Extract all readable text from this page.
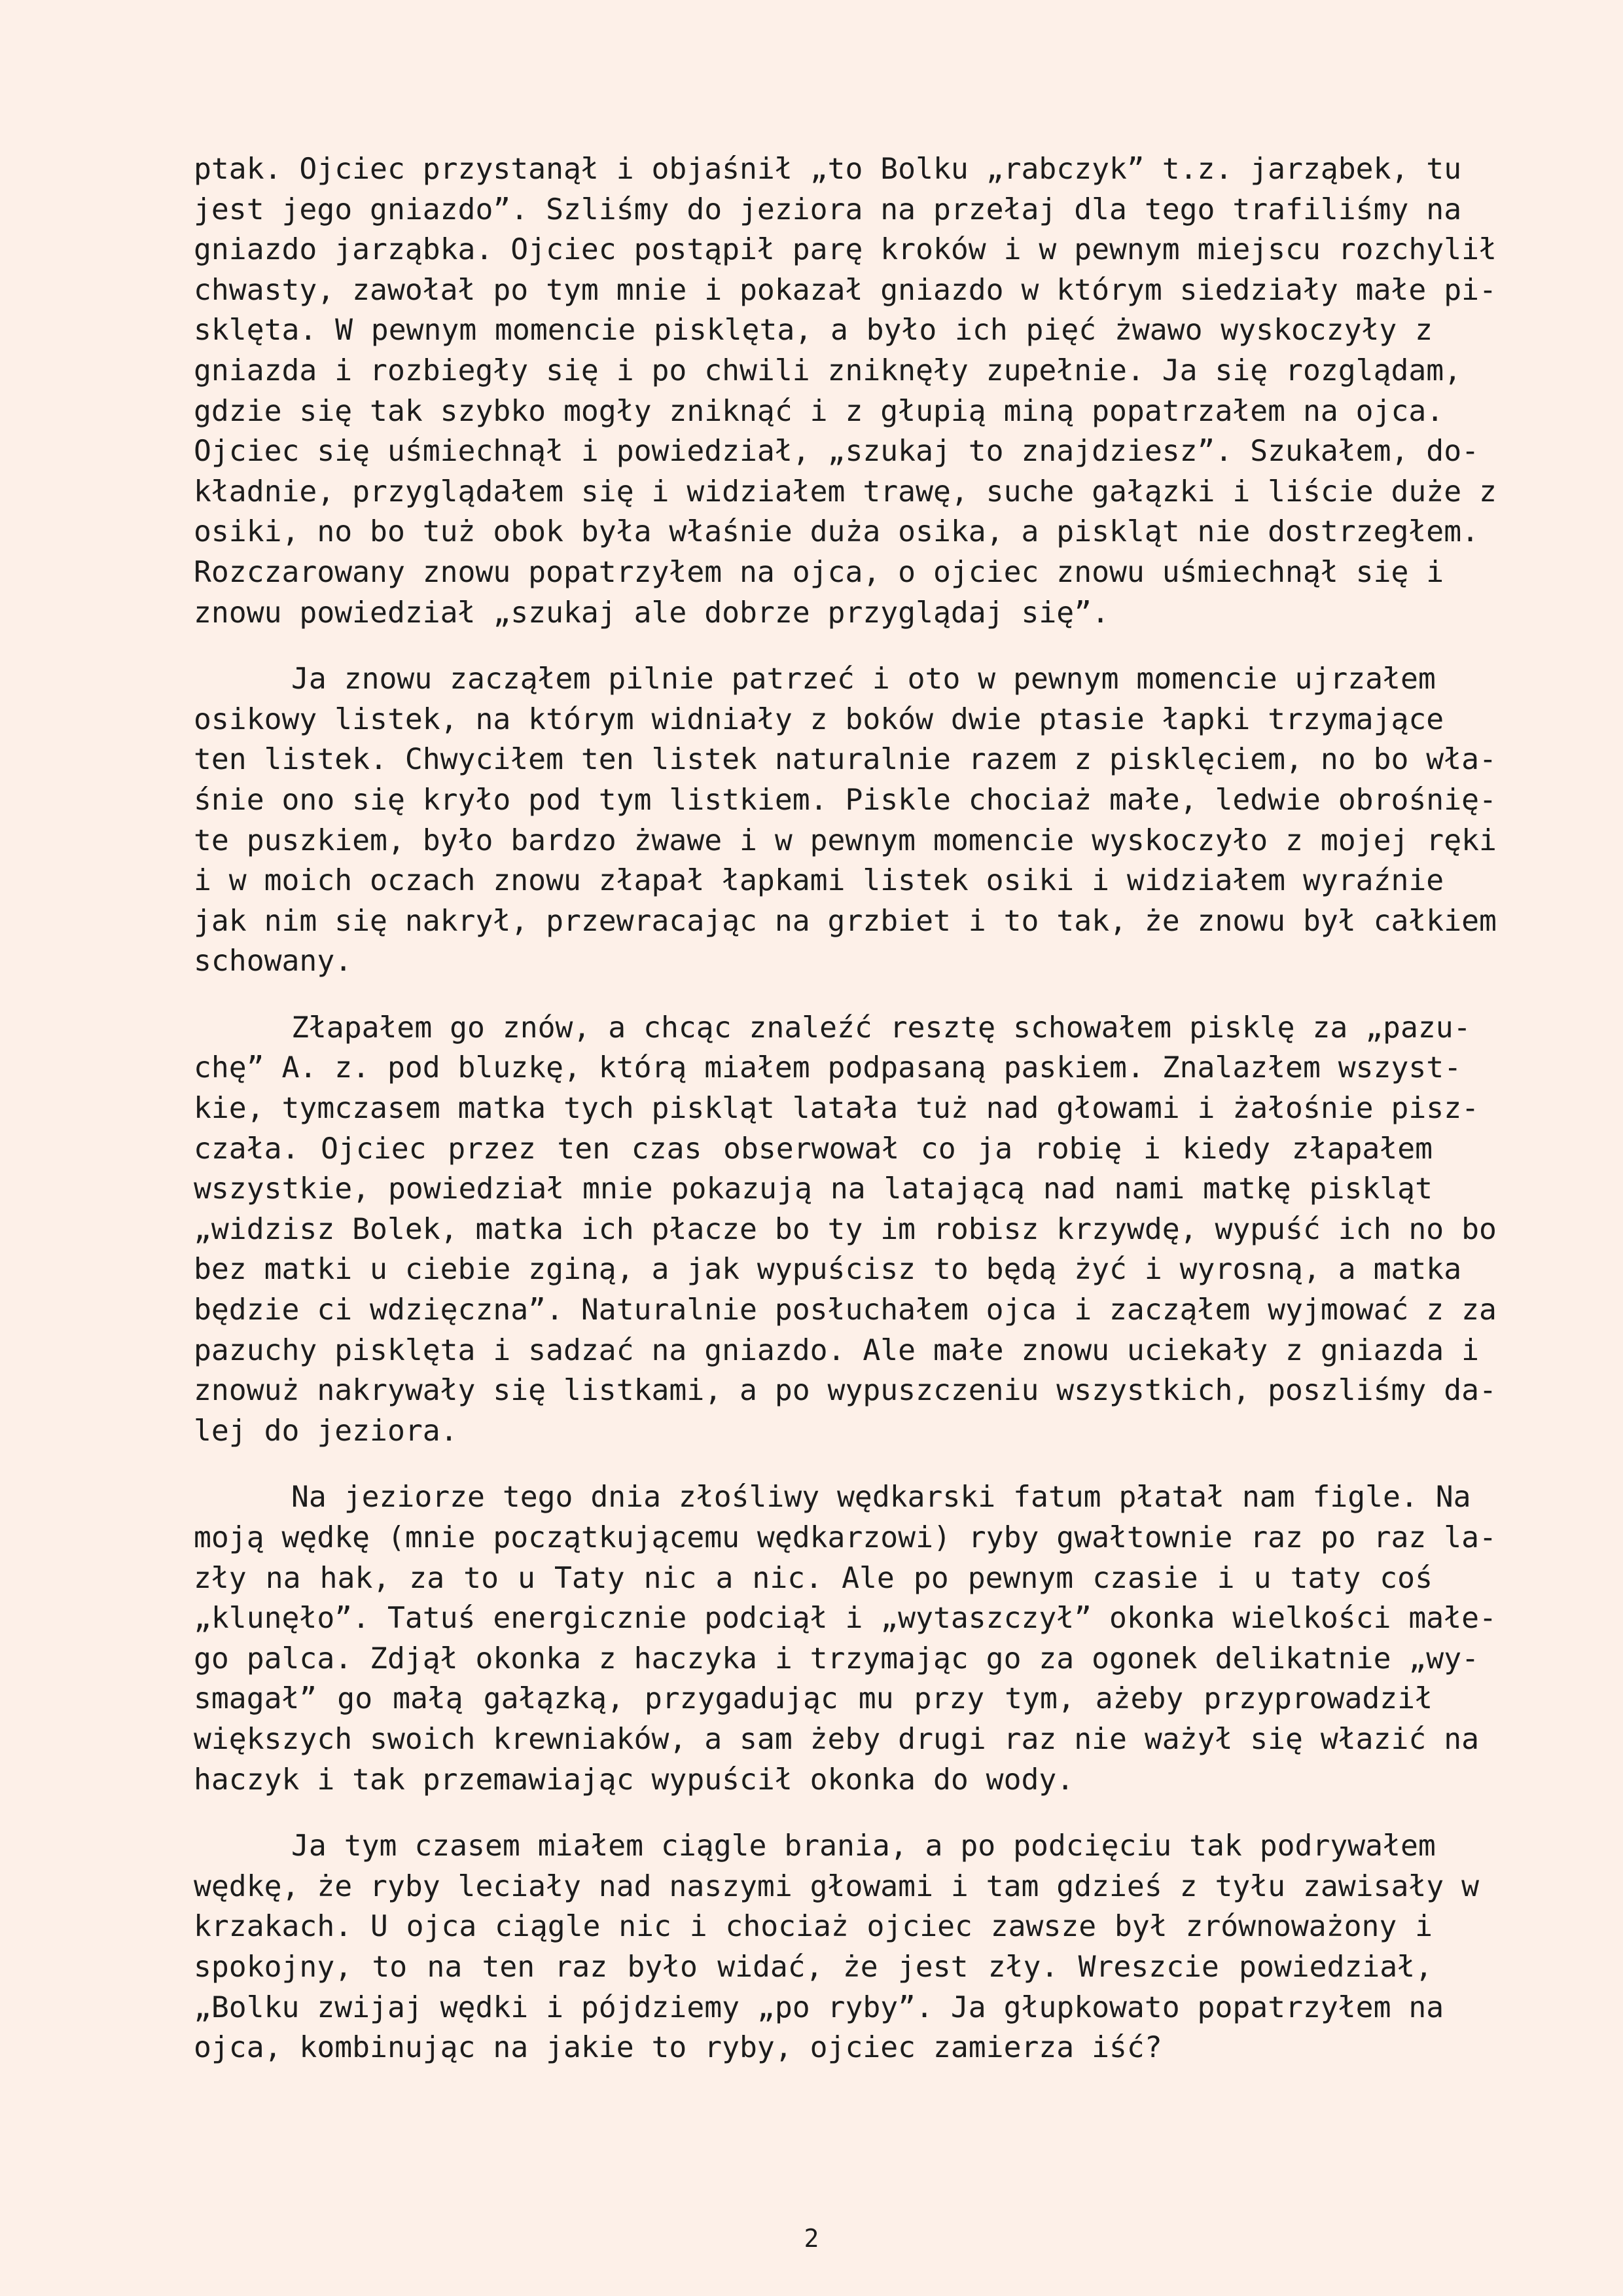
ptak. Ojciec przystanął i objaśnił „to Bolku „rabczyk” t.z. jarząbek, tu
jest jego gniazdo”. Szliśmy do jeziora na przełaj dla tego trafiliśmy na
gniazdo jarząbka. Ojciec postąpił parę kroków i w pewnym miejscu rozchylił
chwasty, zawołał po tym mnie i pokazał gniazdo w którym siedziały małe pi-
sklęta. W pewnym momencie pisklęta, a było ich pięć żwawo wyskoczyły z
gniazda i rozbiegły się i po chwili zniknęły zupełnie. Ja się rozglądam,
gdzie się tak szybko mogły zniknąć i z głupią miną popatrzałem na ojca.
Ojciec się uśmiechnął i powiedział, „szukaj to znajdziesz”. Szukałem, do-
kładnie, przyglądałem się i widziałem trawę, suche gałązki i liście duże z
osiki, no bo tuż obok była właśnie duża osika, a piskląt nie dostrzegłem.
Rozczarowany znowu popatrzyłem na ojca, o ojciec znowu uśmiechnął się i
znowu powiedział „szukaj ale dobrze przyglądaj się”.
Ja znowu zacząłem pilnie patrzeć i oto w pewnym momencie ujrzałem
osikowy listek, na którym widniały z boków dwie ptasie łapki trzymające
ten listek. Chwyciłem ten listek naturalnie razem z pisklęciem, no bo wła-
śnie ono się kryło pod tym listkiem. Piskle chociaż małe, ledwie obrośnię-
te puszkiem, było bardzo żwawe i w pewnym momencie wyskoczyło z mojej ręki
i w moich oczach znowu złapał łapkami listek osiki i widziałem wyraźnie
jak nim się nakrył, przewracając na grzbiet i to tak, że znowu był całkiem
schowany.
Złapałem go znów, a chcąc znaleźć resztę schowałem pisklę za „pazu-
chę” A. z. pod bluzkę, którą miałem podpasaną paskiem. Znalazłem wszyst-
kie, tymczasem matka tych piskląt latała tuż nad głowami i żałośnie pisz-
czała. Ojciec przez ten czas obserwował co ja robię i kiedy złapałem
wszystkie, powiedział mnie pokazują na latającą nad nami matkę piskląt
„widzisz Bolek, matka ich płacze bo ty im robisz krzywdę, wypuść ich no bo
bez matki u ciebie zginą, a jak wypuścisz to będą żyć i wyrosną, a matka
będzie ci wdzięczna”. Naturalnie posłuchałem ojca i zacząłem wyjmować z za
pazuchy pisklęta i sadzać na gniazdo. Ale małe znowu uciekały z gniazda i
znowuż nakrywały się listkami, a po wypuszczeniu wszystkich, poszliśmy da-
lej do jeziora.
Na jeziorze tego dnia złośliwy wędkarski fatum płatał nam figle. Na
moją wędkę (mnie początkującemu wędkarzowi) ryby gwałtownie raz po raz la-
zły na hak, za to u Taty nic a nic. Ale po pewnym czasie i u taty coś
„klunęło”. Tatuś energicznie podciął i „wytaszczył” okonka wielkości małe-
go palca. Zdjął okonka z haczyka i trzymając go za ogonek delikatnie „wy-
smagał” go małą gałązką, przygadując mu przy tym, ażeby przyprowadził
większych swoich krewniaków, a sam żeby drugi raz nie ważył się włazić na
haczyk i tak przemawiając wypuścił okonka do wody.
Ja tym czasem miałem ciągle brania, a po podcięciu tak podrywałem
wędkę, że ryby leciały nad naszymi głowami i tam gdzieś z tyłu zawisały w
krzakach. U ojca ciągle nic i chociaż ojciec zawsze był zrównoważony i
spokojny, to na ten raz było widać, że jest zły. Wreszcie powiedział,
„Bolku zwijaj wędki i pójdziemy „po ryby”. Ja głupkowato popatrzyłem na
ojca, kombinując na jakie to ryby, ojciec zamierza iść?
2
